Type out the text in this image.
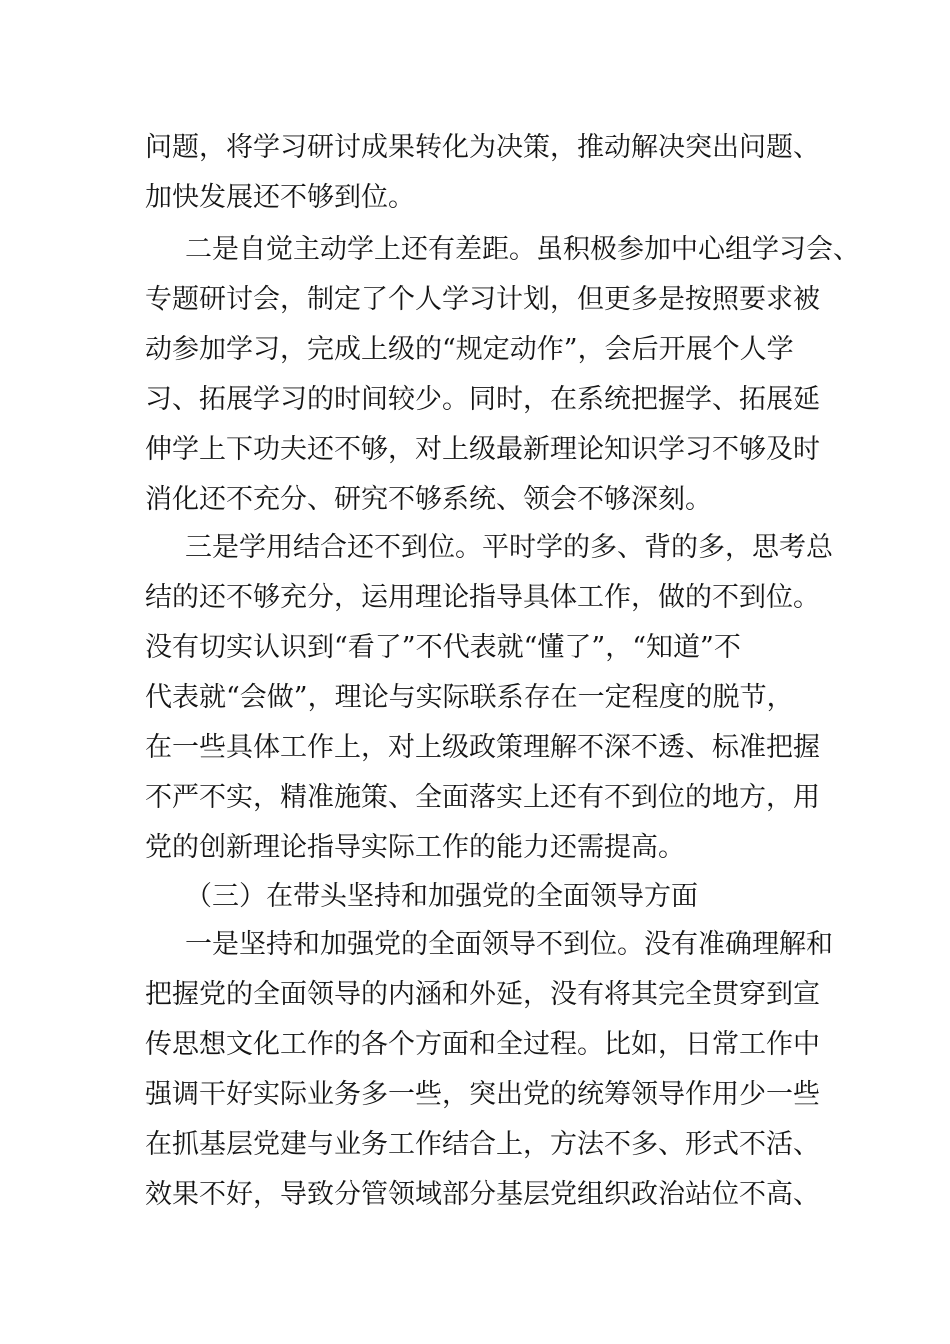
问题，将学习研讨成果转化为决策，推动解决突出问题、

加快发展还不够到位。

二是自觉主动学上还有差距。虽积极参加中心组学习会、

专题研讨会，制定了个人学习计划，但更多是按照要求被

动参加学习，完成上级的“规定动作”，会后开展个人学

习、拓展学习的时间较少。同时，在系统把握学、拓展延

伸学上下功夫还不够，对上级最新理论知识学习不够及时

消化还不充分、研究不够系统、领会不够深刻。

三是学用结合还不到位。平时学的多、背的多，思考总

结的还不够充分，运用理论指导具体工作，做的不到位。

没有切实认识到“看了”不代表就“懂了”，“知道”不

代表就“会做”，理论与实际联系存在一定程度的脱节，

在一些具体工作上，对上级政策理解不深不透、标准把握

不严不实，精准施策、全面落实上还有不到位的地方，用

党的创新理论指导实际工作的能力还需提高。

（三）在带头坚持和加强党的全面领导方面

一是坚持和加强党的全面领导不到位。没有准确理解和

把握党的全面领导的内涵和外延，没有将其完全贯穿到宣

传思想文化工作的各个方面和全过程。比如，日常工作中

强调干好实际业务多一些，突出党的统筹领导作用少一些

在抓基层党建与业务工作结合上，方法不多、形式不活、

效果不好，导致分管领域部分基层党组织政治站位不高、
